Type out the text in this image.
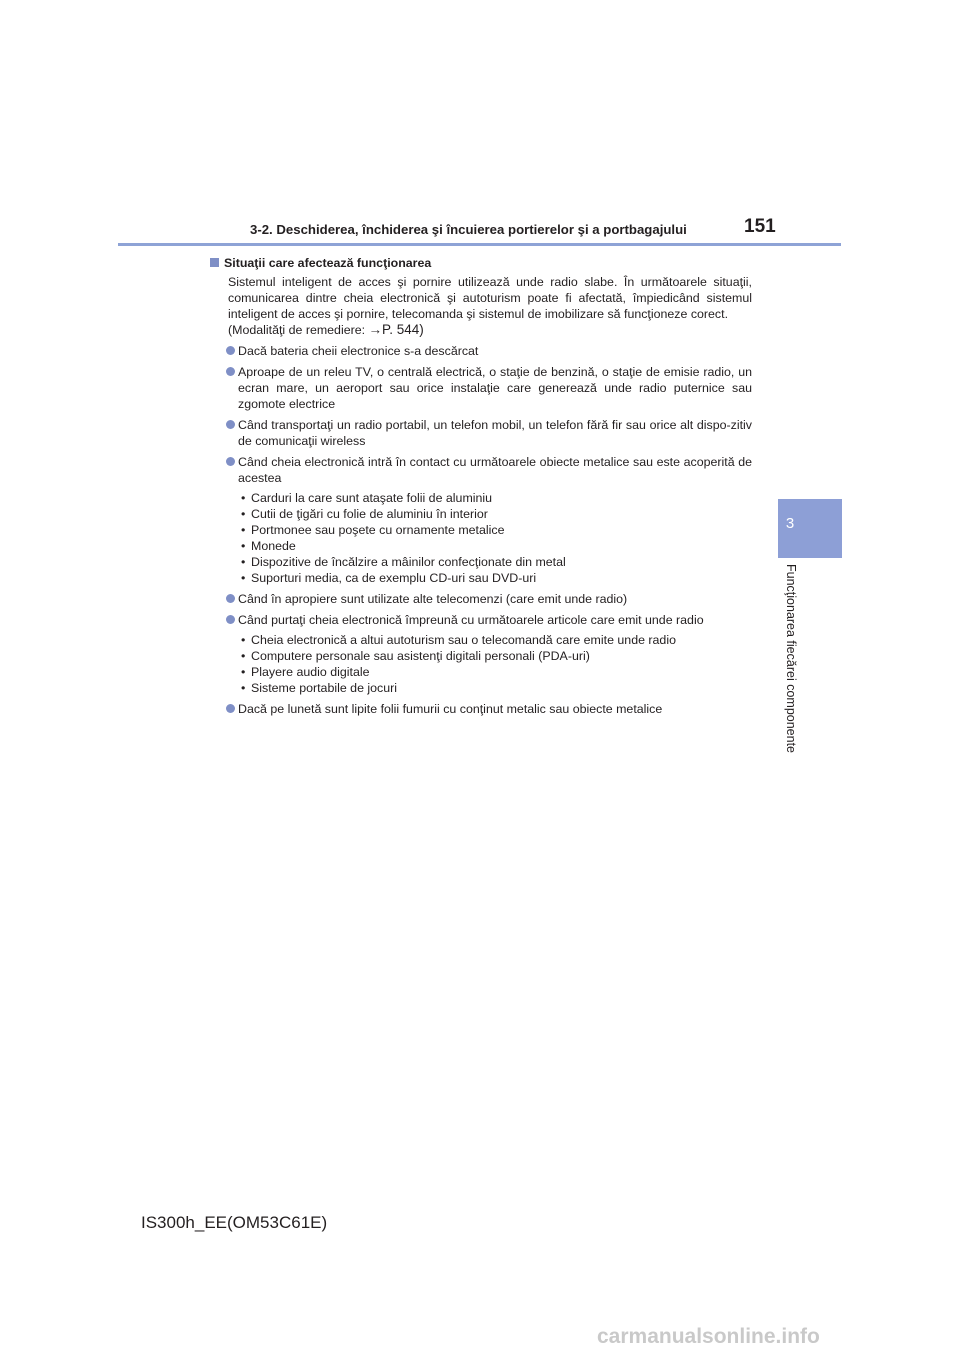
3-2. Deschiderea, închiderea şi încuierea portierelor şi a portbagajului	151
3
Funcţionarea fiecărei componente
Situaţii care afectează funcţionarea
Sistemul inteligent de acces şi pornire utilizează unde radio slabe. În următoarele situaţii, comunicarea dintre cheia electronică şi autoturism poate fi afectată, împiedicând sistemul inteligent de acces şi pornire, telecomanda şi sistemul de imobilizare să funcţioneze corect.
(Modalităţi de remediere: →P. 544)
Dacă bateria cheii electronice s-a descărcat
Aproape de un releu TV, o centrală electrică, o staţie de benzină, o staţie de emisie radio, un ecran mare, un aeroport sau orice instalaţie care generează unde radio puternice sau zgomote electrice
Când transportaţi un radio portabil, un telefon mobil, un telefon fără fir sau orice alt dispo-zitiv de comunicaţii wireless
Când cheia electronică intră în contact cu următoarele obiecte metalice sau este acoperită de acestea
• Carduri la care sunt ataşate folii de aluminiu
• Cutii de ţigări cu folie de aluminiu în interior
• Portmonee sau poşete cu ornamente metalice
• Monede
• Dispozitive de încălzire a mâinilor confecţionate din metal
• Suporturi media, ca de exemplu CD-uri sau DVD-uri
Când în apropiere sunt utilizate alte telecomenzi (care emit unde radio)
Când purtaţi cheia electronică împreună cu următoarele articole care emit unde radio
• Cheia electronică a altui autoturism sau o telecomandă care emite unde radio
• Computere personale sau asistenţi digitali personali (PDA-uri)
• Playere audio digitale
• Sisteme portabile de jocuri
Dacă pe lunetă sunt lipite folii fumurii cu conţinut metalic sau obiecte metalice
IS300h_EE(OM53C61E)
carmanualsonline.info
